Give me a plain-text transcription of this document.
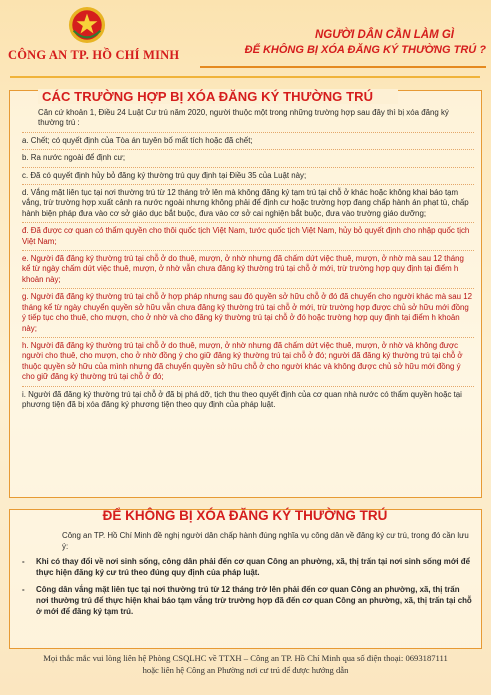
CÔNG AN TP. HỒ CHÍ MINH
NGƯỜI DÂN CẦN LÀM GÌ
ĐỂ KHÔNG BỊ XÓA ĐĂNG KÝ THƯỜNG TRÚ ?
CÁC TRƯỜNG HỢP BỊ XÓA ĐĂNG KÝ THƯỜNG TRÚ
Căn cứ khoản 1, Điều 24 Luật Cư trú năm 2020, người thuộc một trong những trường hợp sau đây thì bị xóa đăng ký thường trú :
a. Chết; có quyết định của Tòa án tuyên bố mất tích hoặc đã chết;
b. Ra nước ngoài để định cư;
c. Đã có quyết định hủy bỏ đăng ký thường trú quy định tại Điều 35 của Luật này;
d. Vắng mặt liên tục tại nơi thường trú từ 12 tháng trở lên mà không đăng ký tạm trú tại chỗ ở khác hoặc không khai báo tạm vắng, trừ trường hợp xuất cảnh ra nước ngoài nhưng không phải để định cư hoặc trường hợp đang chấp hành án phạt tù, chấp hành biện pháp đưa vào cơ sở giáo dục bắt buộc, đưa vào cơ sở cai nghiện bắt buộc, đưa vào trường giáo dưỡng;
đ. Đã được cơ quan có thẩm quyền cho thôi quốc tịch Việt Nam, tước quốc tịch Việt Nam, hủy bỏ quyết định cho nhập quốc tịch Việt Nam;
e. Người đã đăng ký thường trú tại chỗ ở do thuê, mượn, ở nhờ nhưng đã chấm dứt việc thuê, mượn, ở nhờ mà sau 12 tháng kể từ ngày chấm dứt việc thuê, mượn, ở nhờ vẫn chưa đăng ký thường trú tại chỗ ở mới, trừ trường hợp quy định tại điểm h khoản này;
g. Người đã đăng ký thường trú tại chỗ ở hợp pháp nhưng sau đó quyền sở hữu chỗ ở đó đã chuyển cho người khác mà sau 12 tháng kể từ ngày chuyển quyền sở hữu vẫn chưa đăng ký thường trú tại chỗ ở mới, trừ trường hợp được chủ sở hữu mới đồng ý tiếp tục cho thuê, cho mượn, cho ở nhờ và cho đăng ký thường trú tại chỗ ở đó hoặc trường hợp quy định tại điểm h khoản này;
h. Người đã đăng ký thường trú tại chỗ ở do thuê, mượn, ở nhờ nhưng đã chấm dứt việc thuê, mượn, ở nhờ và không được người cho thuê, cho mượn, cho ở nhờ đồng ý cho giữ đăng ký thường trú tại chỗ ở đó; người đã đăng ký thường trú tại chỗ ở thuộc quyền sở hữu của mình nhưng đã chuyển quyền sở hữu chỗ ở cho người khác và không được chủ sở hữu mới đồng ý cho giữ đăng ký thường trú tại chỗ ở đó;
i. Người đã đăng ký thường trú tại chỗ ở đã bị phá dỡ, tịch thu theo quyết định của cơ quan nhà nước có thẩm quyền hoặc tại phương tiện đã bị xóa đăng ký phương tiện theo quy định của pháp luật.
ĐỂ KHÔNG BỊ XÓA ĐĂNG KÝ THƯỜNG TRÚ
Công an TP. Hồ Chí Minh đề nghị người dân chấp hành đúng nghĩa vụ công dân về đăng ký cư trú, trong đó cần lưu ý:
-	Khi có thay đổi về nơi sinh sống, công dân phải đến cơ quan Công an phường, xã, thị trấn tại nơi sinh sống mới để thực hiện đăng ký cư trú theo đúng quy định của pháp luật.
-	Công dân vắng mặt liên tục tại nơi thường trú từ 12 tháng trở lên phải đến cơ quan Công an phường, xã, thị trấn nơi thường trú để thực hiện khai báo tạm vắng trừ trường hợp đã đến cơ quan Công an phường, xã, thị trấn tại chỗ ở mới để đăng ký tạm trú.
Mọi thắc mắc vui lòng liên hệ Phòng CSQLHC về TTXH – Công an TP. Hồ Chí Minh qua số điện thoại: 0693187111
hoặc liên hệ Công an Phường nơi cư trú để được hướng dẫn
